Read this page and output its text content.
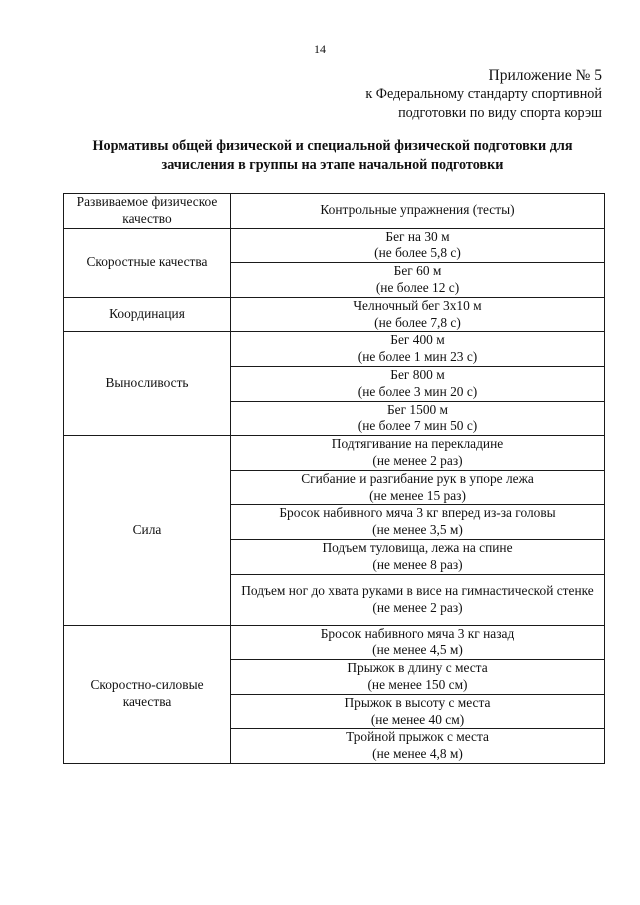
14
Приложение № 5
к Федеральному стандарту спортивной
подготовки по виду спорта корэш
Нормативы общей физической и специальной физической подготовки для
зачисления в группы на этапе начальной подготовки
Развиваемое физическое качество	Контрольные упражнения (тесты)
Скоростные качества	Бег на 30 м
(не более 5,8 с)

	Бег 60 м
(не более 12 с)

Координация	Челночный бег 3х10 м
(не более 7,8 с)

Выносливость	Бег 400 м
(не более 1 мин 23 с)

	Бег 800 м
(не более 3 мин 20 с)

	Бег 1500 м
(не более 7 мин 50 с)

Сила	Подтягивание на перекладине
(не менее 2 раз)

	Сгибание и разгибание рук в упоре лежа
(не менее 15 раз)

	Бросок набивного мяча 3 кг вперед из-за головы
(не менее 3,5 м)

	Подъем туловища, лежа на спине
(не менее 8 раз)

	Подъем ног до хвата руками в висе на гимнастической стенке
(не менее 2 раз)

Скоростно-силовые качества	Бросок набивного мяча 3 кг назад
(не менее 4,5 м)

	Прыжок в длину с места
(не менее 150 см)

	Прыжок в высоту с места
(не менее 40 см)

	Тройной прыжок с места
(не менее 4,8 м)
